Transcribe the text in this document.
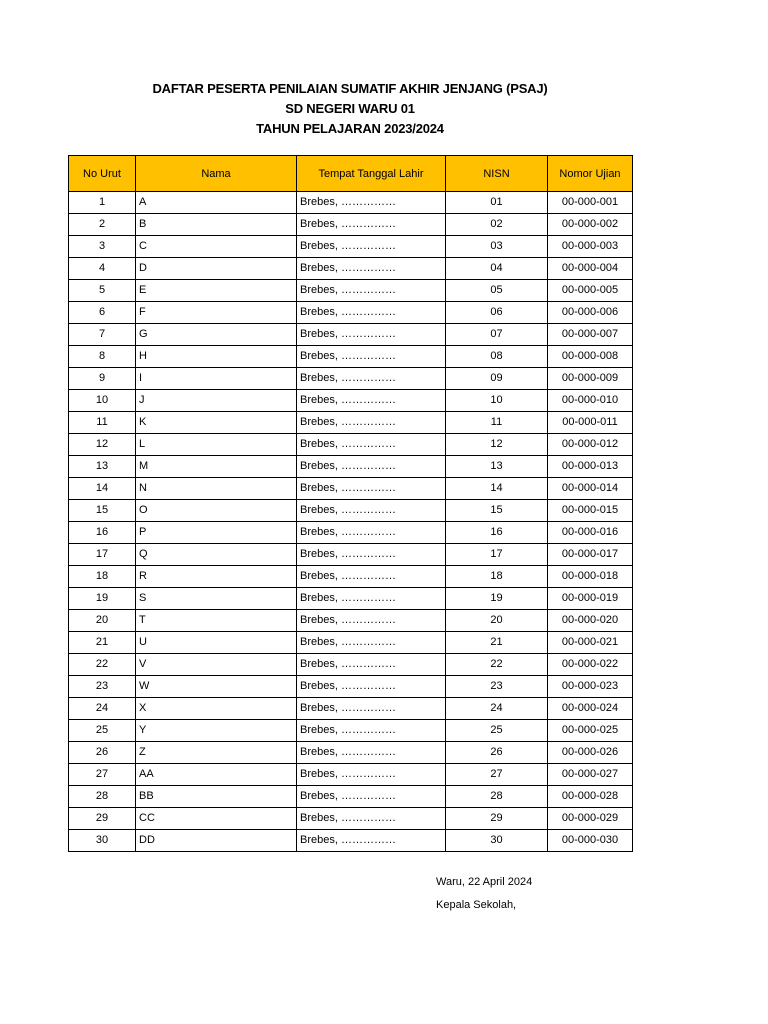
DAFTAR PESERTA PENILAIAN SUMATIF AKHIR JENJANG (PSAJ)
SD NEGERI WARU 01
TAHUN PELAJARAN 2023/2024
No Urut	Nama	Tempat Tanggal Lahir	NISN	Nomor Ujian
1	A	Brebes, ……………	01	00-000-001
2	B	Brebes, ……………	02	00-000-002
3	C	Brebes, ……………	03	00-000-003
4	D	Brebes, ……………	04	00-000-004
5	E	Brebes, ……………	05	00-000-005
6	F	Brebes, ……………	06	00-000-006
7	G	Brebes, ……………	07	00-000-007
8	H	Brebes, ……………	08	00-000-008
9	I	Brebes, ……………	09	00-000-009
10	J	Brebes, ……………	10	00-000-010
11	K	Brebes, ……………	11	00-000-011
12	L	Brebes, ……………	12	00-000-012
13	M	Brebes, ……………	13	00-000-013
14	N	Brebes, ……………	14	00-000-014
15	O	Brebes, ……………	15	00-000-015
16	P	Brebes, ……………	16	00-000-016
17	Q	Brebes, ……………	17	00-000-017
18	R	Brebes, ……………	18	00-000-018
19	S	Brebes, ……………	19	00-000-019
20	T	Brebes, ……………	20	00-000-020
21	U	Brebes, ……………	21	00-000-021
22	V	Brebes, ……………	22	00-000-022
23	W	Brebes, ……………	23	00-000-023
24	X	Brebes, ……………	24	00-000-024
25	Y	Brebes, ……………	25	00-000-025
26	Z	Brebes, ……………	26	00-000-026
27	AA	Brebes, ……………	27	00-000-027
28	BB	Brebes, ……………	28	00-000-028
29	CC	Brebes, ……………	29	00-000-029
30	DD	Brebes, ……………	30	00-000-030
Waru, 22 April 2024
Kepala Sekolah,
